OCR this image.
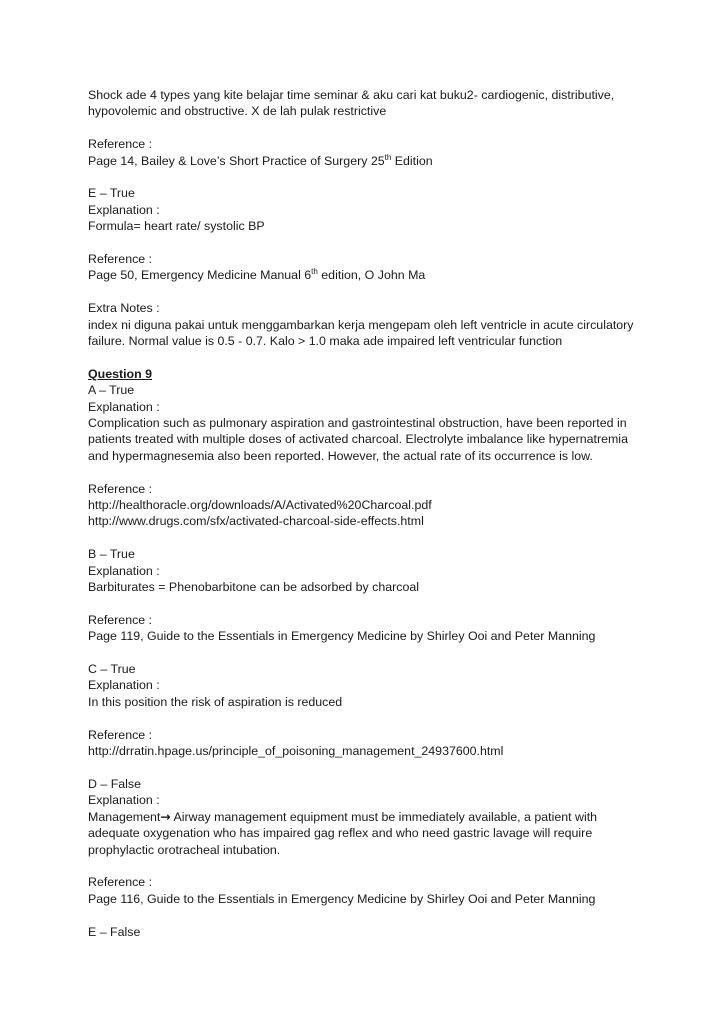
Shock ade 4 types yang kite belajar time seminar & aku cari kat buku2- cardiogenic, distributive,
hypovolemic and obstructive. X de lah pulak restrictive
Reference :
Page 14, Bailey & Love’s Short Practice of Surgery 25th Edition
E – True
Explanation :
Formula= heart rate/ systolic BP
Reference :
Page 50, Emergency Medicine Manual 6th edition, O John Ma
Extra Notes :
index ni diguna pakai untuk menggambarkan kerja mengepam oleh left ventricle in acute circulatory
failure. Normal value is 0.5 - 0.7. Kalo > 1.0 maka ade impaired left ventricular function
Question 9
A – True
Explanation :
Complication such as pulmonary aspiration and gastrointestinal obstruction, have been reported in
patients treated with multiple doses of activated charcoal. Electrolyte imbalance like hypernatremia
and hypermagnesemia also been reported. However, the actual rate of its occurrence is low.
Reference :
http://healthoracle.org/downloads/A/Activated%20Charcoal.pdf
http://www.drugs.com/sfx/activated-charcoal-side-effects.html
B – True
Explanation :
Barbiturates = Phenobarbitone can be adsorbed by charcoal
Reference :
Page 119, Guide to the Essentials in Emergency Medicine by Shirley Ooi and Peter Manning
C – True
Explanation :
In this position the risk of aspiration is reduced
Reference :
http://drratin.hpage.us/principle_of_poisoning_management_24937600.html
D – False
Explanation :
Management→ Airway management equipment must be immediately available, a patient with
adequate oxygenation who has impaired gag reflex and who need gastric lavage will require
prophylactic orotracheal intubation.
Reference :
Page 116, Guide to the Essentials in Emergency Medicine by Shirley Ooi and Peter Manning
E – False
